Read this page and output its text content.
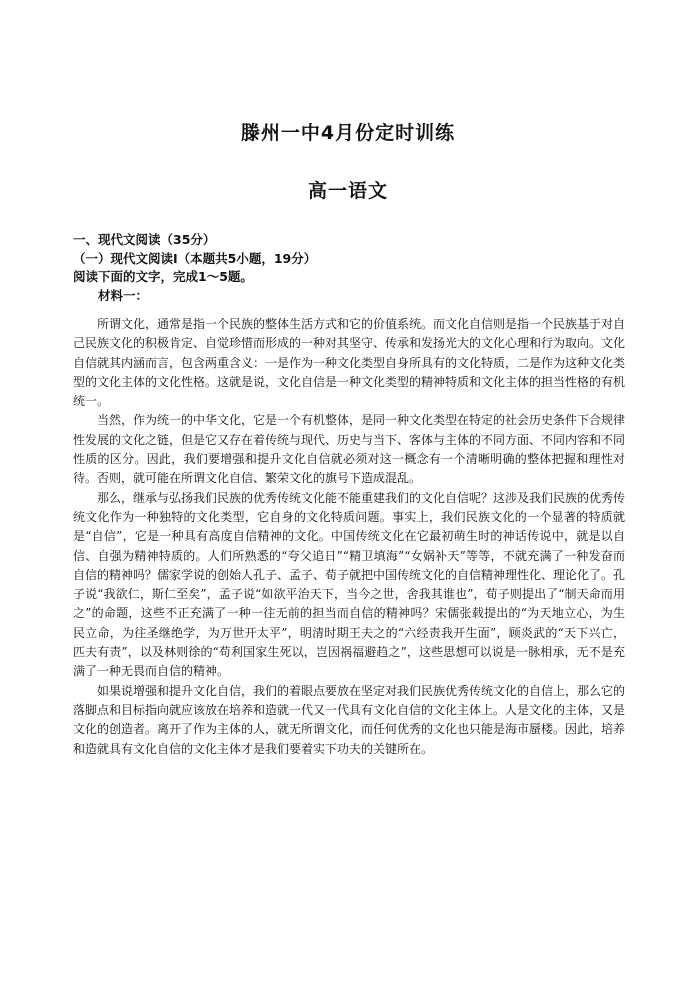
滕州一中4月份定时训练
高一语文
一、现代文阅读（35分）
（一）现代文阅读Ⅰ（本题共5小题，19分）
阅读下面的文字，完成1～5题。
材料一：

所谓文化，通常是指一个民族的整体生活方式和它的价值系统。而文化自信则是指一个民族基于对自己民族文化的积极肯定、自觉珍惜而形成的一种对其坚守、传承和发扬光大的文化心理和行为取向。文化自信就其内涵而言，包含两重含义：一是作为一种文化类型自身所具有的文化特质，二是作为这种文化类型的文化主体的文化性格。这就是说，文化自信是一种文化类型的精神特质和文化主体的担当性格的有机统一。

当然，作为统一的中华文化，它是一个有机整体，是同一种文化类型在特定的社会历史条件下合规律性发展的文化之链，但是它又存在着传统与现代、历史与当下、客体与主体的不同方面、不同内容和不同性质的区分。因此，我们要增强和提升文化自信就必须对这一概念有一个清晰明确的整体把握和理性对待。否则，就可能在所谓文化自信、繁荣文化的旗号下造成混乱。

那么，继承与弘扬我们民族的优秀传统文化能不能重建我们的文化自信呢？这涉及我们民族的优秀传统文化作为一种独特的文化类型，它自身的文化特质问题。事实上，我们民族文化的一个显著的特质就是“自信”，它是一种具有高度自信精神的文化。中国传统文化在它最初萌生时的神话传说中，就是以自信、自强为精神特质的。人们所熟悉的“夸父追日”“精卫填海”“女娲补天”等等，不就充满了一种发奋而自信的精神吗？儒家学说的创始人孔子、孟子、荀子就把中国传统文化的自信精神理性化、理论化了。孔子说“我欲仁，斯仁至矣”，孟子说“如欲平治天下，当今之世，舍我其谁也”，荀子则提出了“制天命而用之”的命题，这些不正充满了一种一往无前的担当而自信的精神吗？宋儒张载提出的“为天地立心，为生民立命，为往圣继绝学，为万世开太平”，明清时期王夫之的“六经责我开生面”，顾炎武的“天下兴亡，匹夫有责”，以及林则徐的“苟利国家生死以，岂因祸福避趋之”，这些思想可以说是一脉相承，无不是充满了一种无畏而自信的精神。

如果说增强和提升文化自信，我们的着眼点要放在坚定对我们民族优秀传统文化的自信上，那么它的落脚点和目标指向就应该放在培养和造就一代又一代具有文化自信的文化主体上。人是文化的主体，又是文化的创造者。离开了作为主体的人，就无所谓文化，而任何优秀的文化也只能是海市蜃楼。因此，培养和造就具有文化自信的文化主体才是我们要着实下功夫的关键所在。
